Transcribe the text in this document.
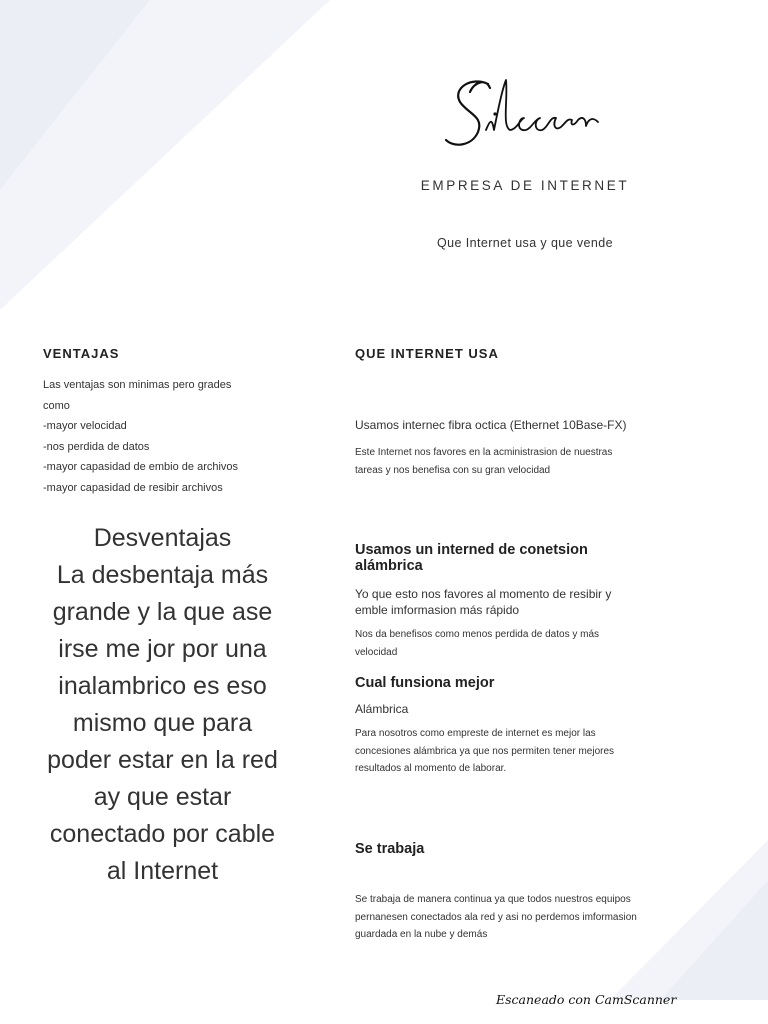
EMPRESA DE INTERNET
Que Internet usa y que vende
VENTAJAS
Las ventajas son minimas pero grades
como
-mayor velocidad
-nos perdida de datos
-mayor capasidad de embio de archivos
-mayor capasidad de resibir archivos
Desventajas
La desbentaja más
grande y la que ase
irse me jor por una
inalambrico es eso
mismo que para
poder estar en la red
ay que estar
conectado por cable
al Internet
QUE INTERNET USA
Usamos internec fibra octica (Ethernet 10Base-FX)
Este Internet nos favores en la acministrasion de nuestras
tareas y nos benefisa con su gran velocidad
Usamos un interned de conetsion
alámbrica
Yo que esto nos favores al momento de resibir y
emble imformasion más rápido
Nos da benefisos como menos perdida de datos y más
velocidad
Cual funsiona mejor
Alámbrica
Para nosotros como empreste de internet es mejor las
concesiones alámbrica ya que nos permiten tener mejores
resultados al momento de laborar.
Se trabaja
Se trabaja de manera continua ya que todos nuestros equipos
pernanesen conectados ala red y asi no perdemos imformasion
guardada en la nube y demás
Escaneado con CamScanner
